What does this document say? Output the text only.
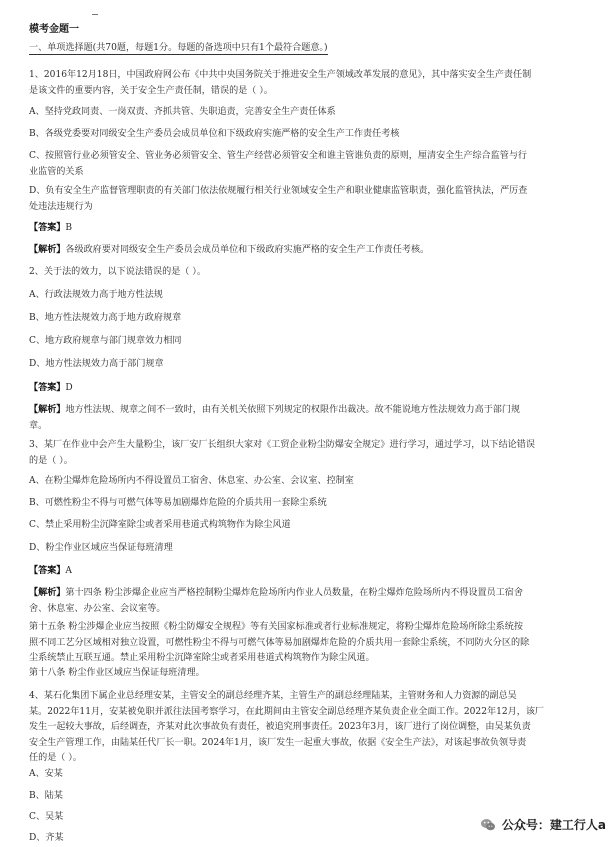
模考金题一
一、单项选择题(共70题，每题1分。每题的备选项中只有1个最符合题意。)
1、2016年12月18日，中国政府网公布《中共中央国务院关于推进安全生产领域改革发展的意见》，其中落实安全生产责任制
是该文件的重要内容，关于安全生产责任制，错误的是（ ）。
A、坚持党政同责、一岗双责、齐抓共管、失职追责，完善安全生产责任体系
B、各级党委要对同级安全生产委员会成员单位和下级政府实施严格的安全生产工作责任考核
C、按照管行业必须管安全、管业务必须管安全、管生产经营必须管安全和谁主管谁负责的原则，厘清安全生产综合监管与行
业监管的关系
D、负有安全生产监督管理职责的有关部门依法依规履行相关行业领域安全生产和职业健康监管职责，强化监管执法，严厉查
处违法违规行为
【答案】B
【解析】各级政府要对同级安全生产委员会成员单位和下级政府实施严格的安全生产工作责任考核。
2、关于法的效力，以下说法错误的是（ ）。
A、行政法规效力高于地方性法规
B、地方性法规效力高于地方政府规章
C、地方政府规章与部门规章效力相同
D、地方性法规效力高于部门规章
【答案】D
【解析】地方性法规、规章之间不一致时，由有关机关依照下列规定的权限作出裁决。故不能说地方性法规效力高于部门规
章。
3、某厂在作业中会产生大量粉尘，该厂安厂长组织大家对《工贸企业粉尘防爆安全规定》进行学习，通过学习，以下结论错误
的是（ ）。
A、在粉尘爆炸危险场所内不得设置员工宿舍、休息室、办公室、会议室、控制室
B、可燃性粉尘不得与可燃气体等易加剧爆炸危险的介质共用一套除尘系统
C、禁止采用粉尘沉降室除尘或者采用巷道式构筑物作为除尘风道
D、粉尘作业区域应当保证每班清理
【答案】A
【解析】第十四条 粉尘涉爆企业应当严格控制粉尘爆炸危险场所内作业人员数量，在粉尘爆炸危险场所内不得设置员工宿舍
舍、休息室、办公室、会议室等。
第十五条 粉尘涉爆企业应当按照《粉尘防爆安全规程》等有关国家标准或者行业标准规定，将粉尘爆炸危险场所除尘系统按
照不同工艺分区域相对独立设置，可燃性粉尘不得与可燃气体等易加剧爆炸危险的介质共用一套除尘系统，不同防火分区的除
尘系统禁止互联互通。禁止采用粉尘沉降室除尘或者采用巷道式构筑物作为除尘风道。
第十八条 粉尘作业区域应当保证每班清理。
4、某石化集团下属企业总经理安某，主管安全的副总经理齐某，主管生产的副总经理陆某，主管财务和人力资源的副总吴
某。2022年11月，安某被免职并派往法国考察学习，在此期间由主管安全副总经理齐某负责企业全面工作。2022年12月，该厂
发生一起较大事故，后经调查，齐某对此次事故负有责任，被追究刑事责任。2023年3月，该厂进行了岗位调整，由吴某负责
安全生产管理工作，由陆某任代厂长一职。2024年1月，该厂发生一起重大事故，依据《安全生产法》，对该起事故负领导责
任的是（ ）。
A、安某
B、陆某
C、吴某
D、齐某
公众号：建工行人a
